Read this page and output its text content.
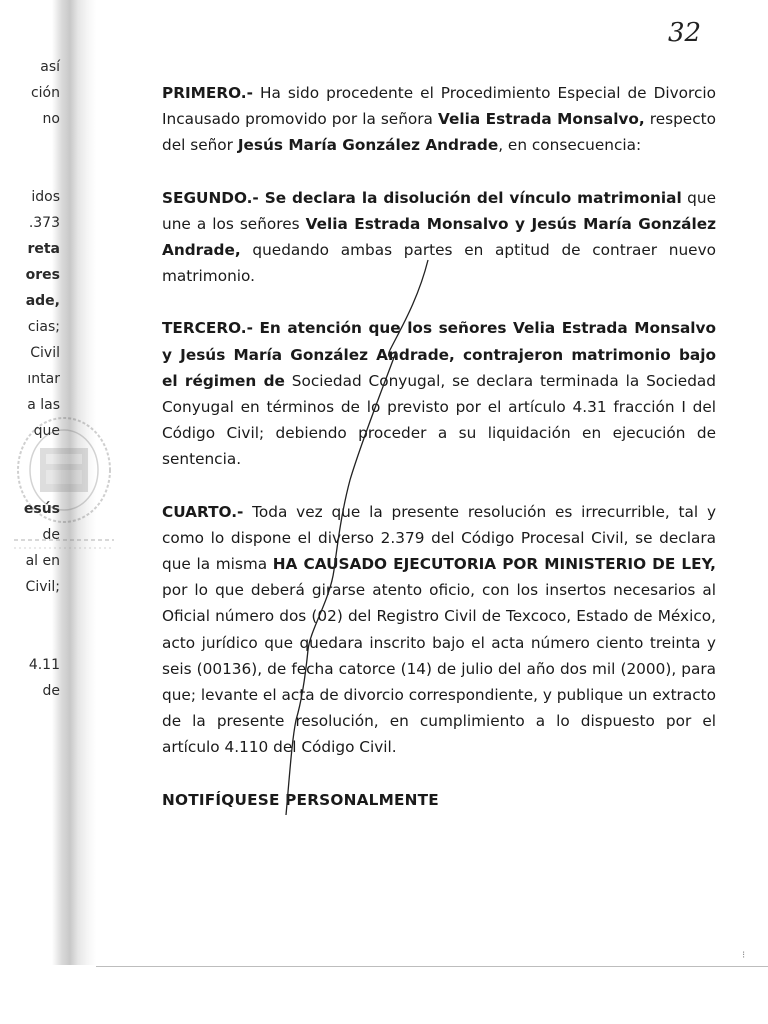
así
ción
no
idos
.373
reta
ores
ade,
cias;
Civil
ıntar
a las
que
esús
de
al en
Civil;
4.11
de
32

PRIMERO.- Ha sido procedente el Procedimiento Especial de Divorcio Incausado promovido por la señora Velia Estrada Monsalvo, respecto del señor Jesús María González Andrade, en consecuencia:

SEGUNDO.- Se declara la disolución del vínculo matrimonial que une a los señores Velia Estrada Monsalvo y Jesús María González Andrade, quedando ambas partes en aptitud de contraer nuevo matrimonio.

TERCERO.- En atención que los señores Velia Estrada Monsalvo y Jesús María González Andrade, contrajeron matrimonio bajo el régimen de Sociedad Conyugal, se declara terminada la Sociedad Conyugal en términos de lo previsto por el artículo 4.31 fracción I del Código Civil; debiendo proceder a su liquidación en ejecución de sentencia.

CUARTO.- Toda vez que la presente resolución es irrecurrible, tal y como lo dispone el diverso 2.379 del Código Procesal Civil, se declara que la misma HA CAUSADO EJECUTORIA POR MINISTERIO DE LEY, por lo que deberá girarse atento oficio, con los insertos necesarios al Oficial número dos (02) del Registro Civil de Texcoco, Estado de México, acto jurídico que quedara inscrito bajo el acta número ciento treinta y seis (00136), de fecha catorce (14) de julio del año dos mil (2000), para que; levante el acta de divorcio correspondiente, y publique un extracto de la presente resolución, en cumplimiento a lo dispuesto por el artículo 4.110 del Código Civil.

NOTIFÍQUESE PERSONALMENTE
⁝
